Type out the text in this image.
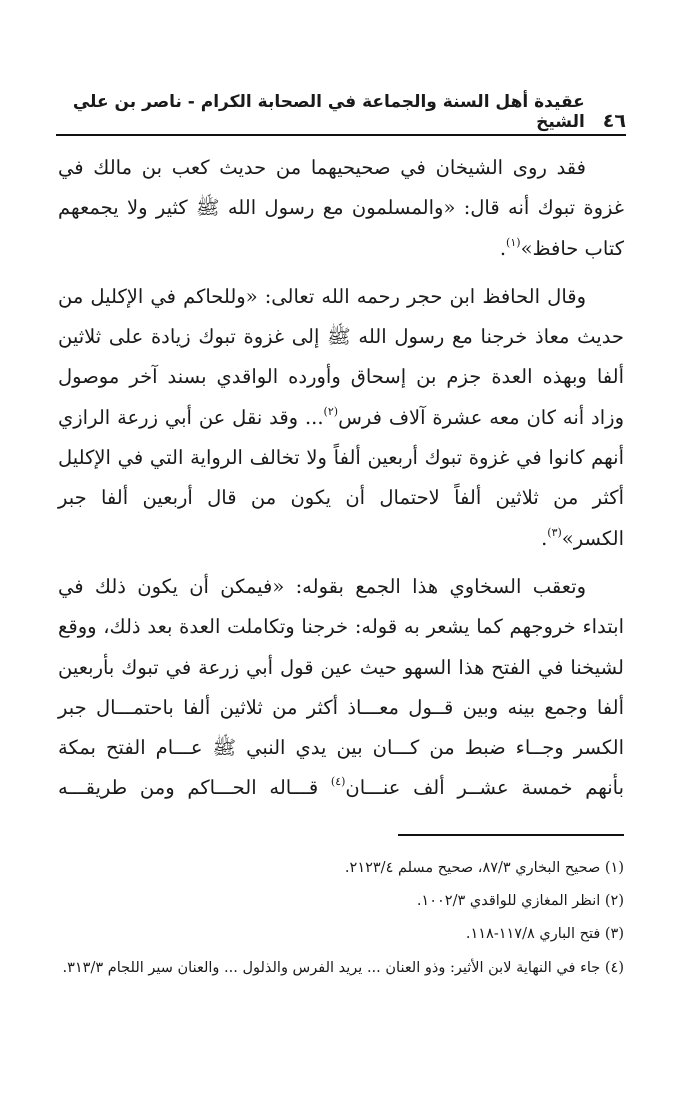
٤٦
عقيدة أهل السنة والجماعة في الصحابة الكرام - ناصر بن علي الشيخ

فقد روى الشيخان في صحيحيهما من حديث كعب بن مالك في غزوة تبوك أنه قال: «والمسلمون مع رسول الله ﷺ كثير ولا يجمعهم كتاب حافظ»$^{(١)}$.

وقال الحافظ ابن حجر رحمه الله تعالى: «وللحاكم في الإكليل من حديث معاذ خرجنا مع رسول الله ﷺ إلى غزوة تبوك زيادة على ثلاثين ألفا وبهذه العدة جزم بن إسحاق وأورده الواقدي بسند آخر موصول وزاد أنه كان معه عشرة آلاف فرس$^{(٢)}$... وقد نقل عن أبي زرعة الرازي أنهم كانوا في غزوة تبوك أربعين ألفاً ولا تخالف الرواية التي في الإكليل أكثر من ثلاثين ألفاً لاحتمال أن يكون من قال أربعين ألفا جبر الكسر»$^{(٣)}$.

وتعقب السخاوي هذا الجمع بقوله: «فيمكن أن يكون ذلك في ابتداء خروجهم كما يشعر به قوله: خرجنا وتكاملت العدة بعد ذلك، ووقع لشيخنا في الفتح هذا السهو حيث عين قول أبي زرعة في تبوك بأربعين ألفا وجمع بينه وبين قــول معـــاذ أكثر من ثلاثين ألفا باحتمـــال جبر الكسر وجــاء ضبط من كـــان بين يدي النبي ﷺ عـــام الفتح بمكة بأنهم خمسة عشــر ألف عنـــان$^{(٤)}$ قـــاله الحـــاكم ومن طريقـــه

(١) صحيح البخاري ٨٧/٣، صحيح مسلم ٢١٢٣/٤.
(٢) انظر المغازي للواقدي ١٠٠٢/٣.
(٣) فتح الباري ١١٧/٨-١١٨.
(٤) جاء في النهاية لابن الأثير: وذو العنان ... يريد الفرس والذلول ... والعنان سير اللجام ٣١٣/٣.
